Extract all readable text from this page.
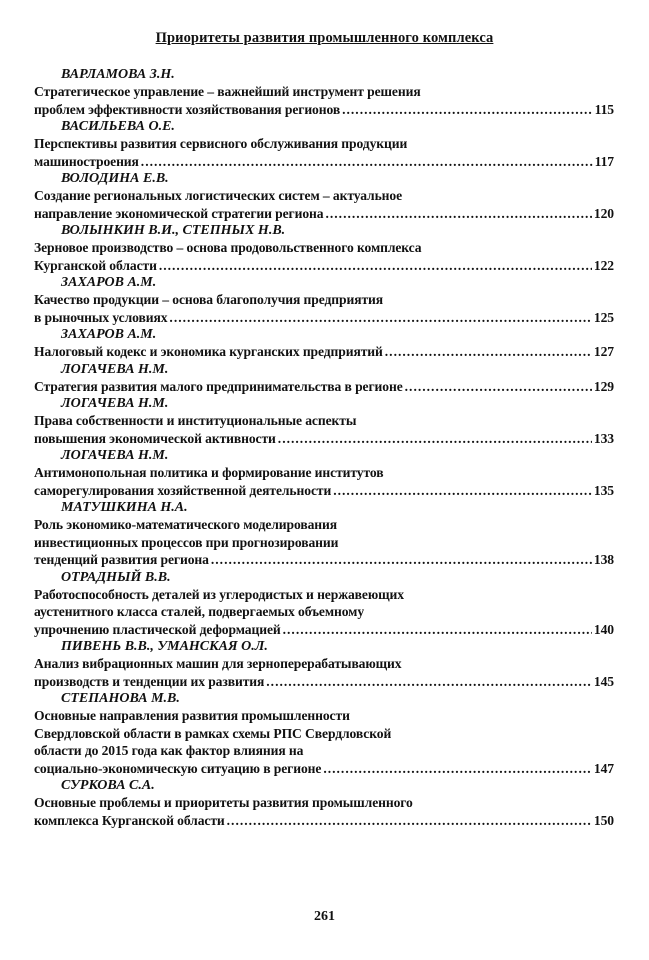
Приоритеты развития промышленного комплекса
ВАРЛАМОВА З.Н.
Стратегическое управление – важнейший инструмент решения
проблем эффективности хозяйствования регионов .....	115
ВАСИЛЬЕВА О.Е.
Перспективы развития сервисного обслуживания продукции
машиностроения .....	117
ВОЛОДИНА Е.В.
Создание региональных логистических систем – актуальное
направление экономической стратегии региона .....	120
ВОЛЫНКИН В.И., СТЕПНЫХ Н.В.
Зерновое производство – основа продовольственного комплекса
Курганской области .....	122
ЗАХАРОВ А.М.
Качество продукции – основа благополучия предприятия
в рыночных условиях .....	125
ЗАХАРОВ А.М.
Налоговый кодекс и экономика курганских предприятий .....	127
ЛОГАЧЕВА Н.М.
Стратегия развития малого предпринимательства в регионе .....	129
ЛОГАЧЕВА Н.М.
Права собственности и институциональные аспекты
повышения экономической активности .....	133
ЛОГАЧЕВА Н.М.
Антимонопольная политика и формирование институтов
саморегулирования хозяйственной деятельности .....	135
МАТУШКИНА Н.А.
Роль экономико-математического моделирования
инвестиционных процессов при прогнозировании
тенденций развития региона .....	138
ОТРАДНЫЙ В.В.
Работоспособность деталей из углеродистых и нержавеющих
аустенитного класса сталей, подвергаемых объемному
упрочнению пластической деформацией .....	140
ПИВЕНЬ В.В., УМАНСКАЯ О.Л.
Анализ вибрационных машин для зерноперерабатывающих
производств и тенденции их развития .....	145
СТЕПАНОВА М.В.
Основные направления развития промышленности
Свердловской области в рамках схемы РПС Свердловской
области до 2015 года как фактор влияния на
социально-экономическую ситуацию в регионе .....	147
СУРКОВА С.А.
Основные проблемы и приоритеты развития промышленного
комплекса Курганской области .....	150
261
